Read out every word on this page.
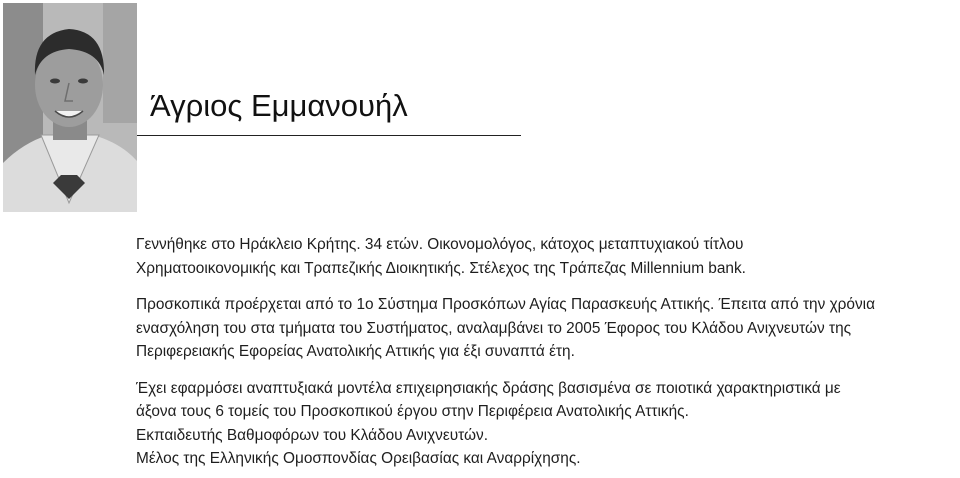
Άγριος Εμμανουήλ

Γεννήθηκε στο Ηράκλειο Κρήτης. 34 ετών. Οικονομολόγος, κάτοχος μεταπτυχιακού τίτλου
Χρηματοοικονομικής και Τραπεζικής Διοικητικής. Στέλεχος της Τράπεζας Millennium bank.

Προσκοπικά προέρχεται από το 1ο Σύστημα Προσκόπων Αγίας Παρασκευής Αττικής. Έπειτα από την χρόνια
ενασχόληση του στα τμήματα του Συστήματος, αναλαμβάνει το 2005 Έφορος του Κλάδου Ανιχνευτών της
Περιφερειακής Εφορείας Ανατολικής Αττικής για έξι συναπτά έτη.

Έχει εφαρμόσει αναπτυξιακά μοντέλα επιχειρησιακής δράσης βασισμένα σε ποιοτικά χαρακτηριστικά με
άξονα τους 6 τομείς του Προσκοπικού έργου στην Περιφέρεια Ανατολικής Αττικής.
Εκπαιδευτής Βαθμοφόρων του Κλάδου Ανιχνευτών.
Μέλος της Ελληνικής Ομοσπονδίας Ορειβασίας και Αναρρίχησης.
